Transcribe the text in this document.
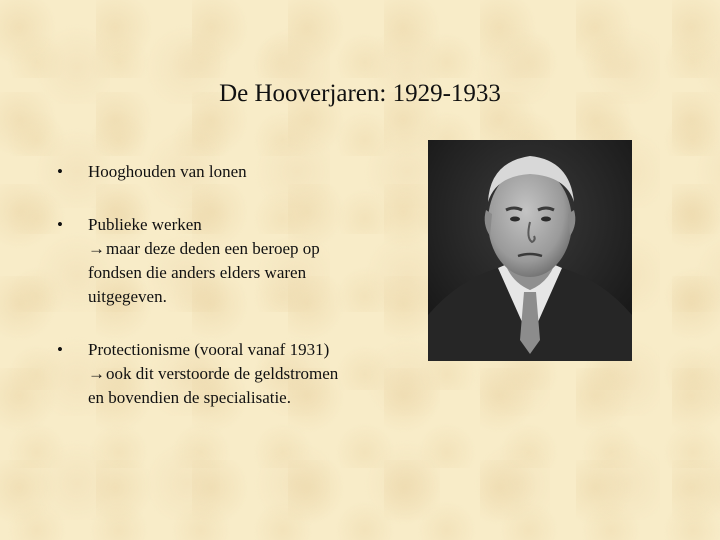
De Hooverjaren: 1929-1933
•	Hooghouden van lonen
•	Publieke werken
→maar deze deden een beroep op
fondsen die anders elders waren
uitgegeven.
•	Protectionisme (vooral vanaf 1931)
→ook dit verstoorde de geldstromen
en bovendien de specialisatie.
